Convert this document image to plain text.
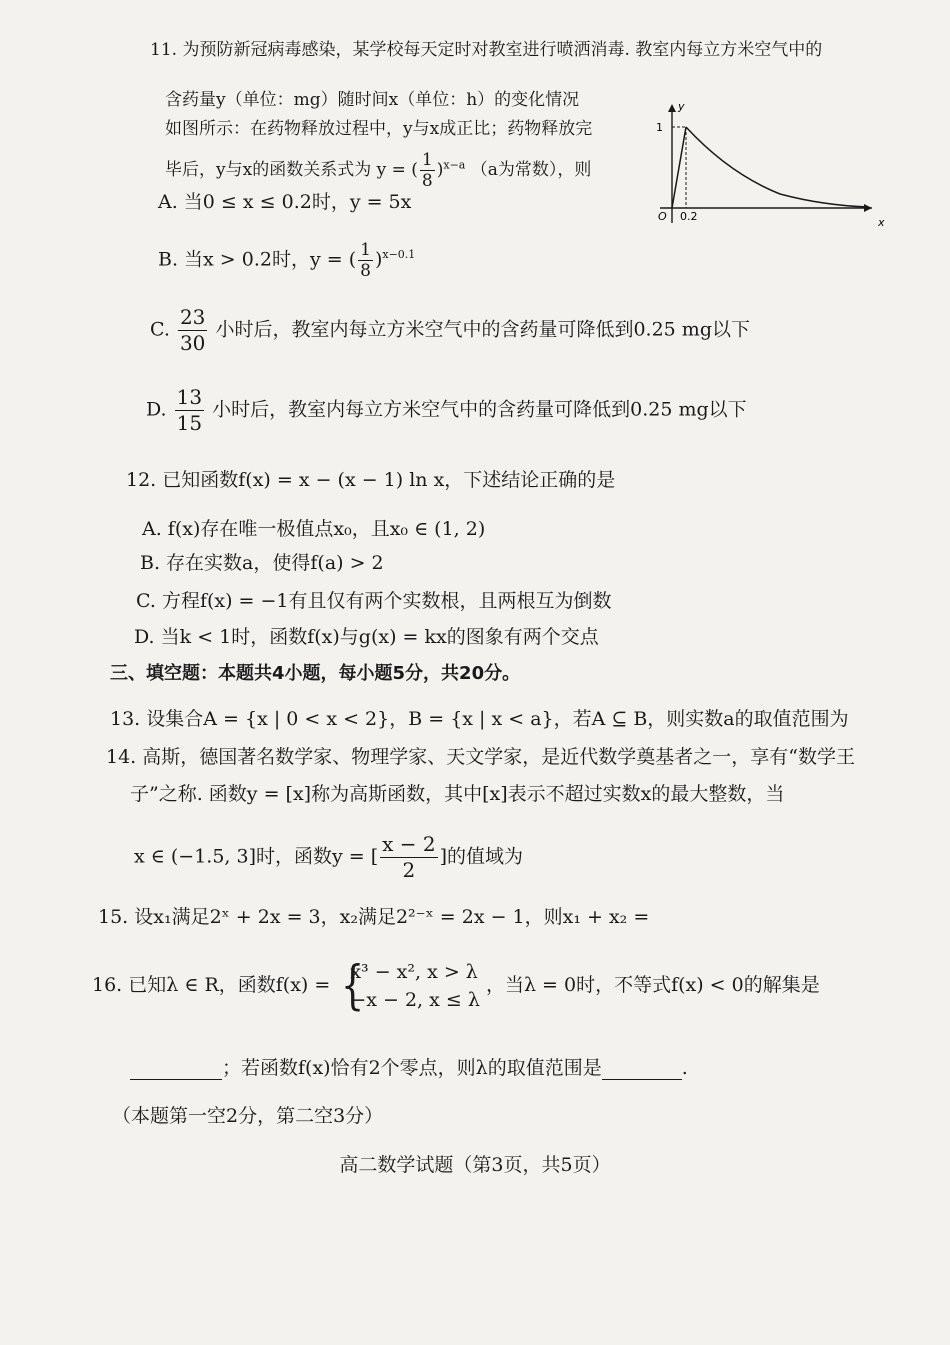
11. 为预防新冠病毒感染，某学校每天定时对教室进行喷洒消毒. 教室内每立方米空气中的
含药量y（单位：mg）随时间x（单位：h）的变化情况
如图所示：在药物释放过程中，y与x成正比；药物释放完
毕后，y与x的函数关系式为 y = ( $\frac{1}{8} )^{x-a}$ （a为常数），则
y
x
O
1
0.2
A. 当0 ≤ x ≤ 0.2时，y = 5x
B. 当x > 0.2时，y = ( $\frac{1}{8} )^{x-0.1}$
C. $\frac{23}{30}$ 小时后，教室内每立方米空气中的含药量可降低到0.25 mg以下
D. $\frac{13}{15}$ 小时后，教室内每立方米空气中的含药量可降低到0.25 mg以下
12. 已知函数f(x) = x − (x − 1) ln x，下述结论正确的是
A. f(x)存在唯一极值点x₀，且x₀ ∈ (1, 2)
B. 存在实数a，使得f(a) > 2
C. 方程f(x) = −1有且仅有两个实数根，且两根互为倒数
D. 当k < 1时，函数f(x)与g(x) = kx的图象有两个交点
三、填空题：本题共4小题，每小题5分，共20分。
13. 设集合A = {x | 0 < x < 2}，B = {x | x < a}，若A ⊆ B，则实数a的取值范围为
14. 高斯，德国著名数学家、物理学家、天文学家，是近代数学奠基者之一，享有“数学王
子”之称. 函数y = [x]称为高斯函数，其中[x]表示不超过实数x的最大整数，当
x ∈ (−1.5, 3]时，函数y = [ $\frac{x - 2}{2}$ ]的值域为
15. 设x₁满足2ˣ + 2x = 3，x₂满足2²⁻ˣ = 2x − 1，则x₁ + x₂ =
16. 已知λ ∈ R，函数f(x) = {
x³ − x², x > λ
−x − 2, x ≤ λ
，当λ = 0时，不等式f(x) < 0的解集是
；若函数f(x)恰有2个零点，则λ的取值范围是	.
（本题第一空2分，第二空3分）
高二数学试题（第3页，共5页）
